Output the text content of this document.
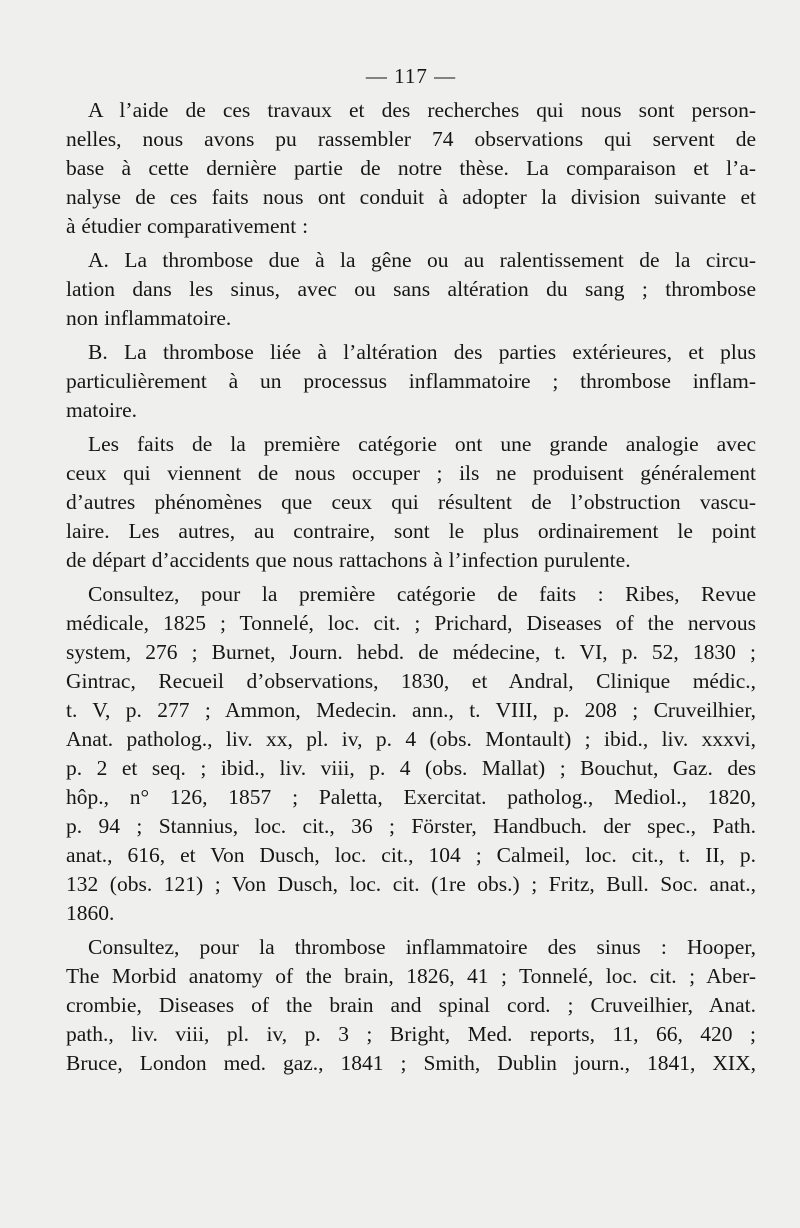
— 117 —
A l’aide de ces travaux et des recherches qui nous sont person-
nelles, nous avons pu rassembler 74 observations qui servent de
base à cette dernière partie de notre thèse. La comparaison et l’a-
nalyse de ces faits nous ont conduit à adopter la division suivante et
à étudier comparativement :
A. La thrombose due à la gêne ou au ralentissement de la circu-
lation dans les sinus, avec ou sans altération du sang ; thrombose
non inflammatoire.
B. La thrombose liée à l’altération des parties extérieures, et plus
particulièrement à un processus inflammatoire ; thrombose inflam-
matoire.
Les faits de la première catégorie ont une grande analogie avec
ceux qui viennent de nous occuper ; ils ne produisent généralement
d’autres phénomènes que ceux qui résultent de l’obstruction vascu-
laire. Les autres, au contraire, sont le plus ordinairement le point
de départ d’accidents que nous rattachons à l’infection purulente.
Consultez, pour la première catégorie de faits : Ribes, Revue
médicale, 1825 ; Tonnelé, loc. cit. ; Prichard, Diseases of the nervous
system, 276 ; Burnet, Journ. hebd. de médecine, t. VI, p. 52, 1830 ;
Gintrac, Recueil d’observations, 1830, et Andral, Clinique médic.,
t. V, p. 277 ; Ammon, Medecin. ann., t. VIII, p. 208 ; Cruveilhier,
Anat. patholog., liv. xx, pl. iv, p. 4 (obs. Montault) ; ibid., liv. xxxvi,
p. 2 et seq. ; ibid., liv. viii, p. 4 (obs. Mallat) ; Bouchut, Gaz. des
hôp., n° 126, 1857 ; Paletta, Exercitat. patholog., Mediol., 1820,
p. 94 ; Stannius, loc. cit., 36 ; Förster, Handbuch. der spec., Path.
anat., 616, et Von Dusch, loc. cit., 104 ; Calmeil, loc. cit., t. II, p.
132 (obs. 121) ; Von Dusch, loc. cit. (1re obs.) ; Fritz, Bull. Soc. anat.,
1860.
Consultez, pour la thrombose inflammatoire des sinus : Hooper,
The Morbid anatomy of the brain, 1826, 41 ; Tonnelé, loc. cit. ; Aber-
crombie, Diseases of the brain and spinal cord. ; Cruveilhier, Anat.
path., liv. viii, pl. iv, p. 3 ; Bright, Med. reports, 11, 66, 420 ;
Bruce, London med. gaz., 1841 ; Smith, Dublin journ., 1841, XIX,
